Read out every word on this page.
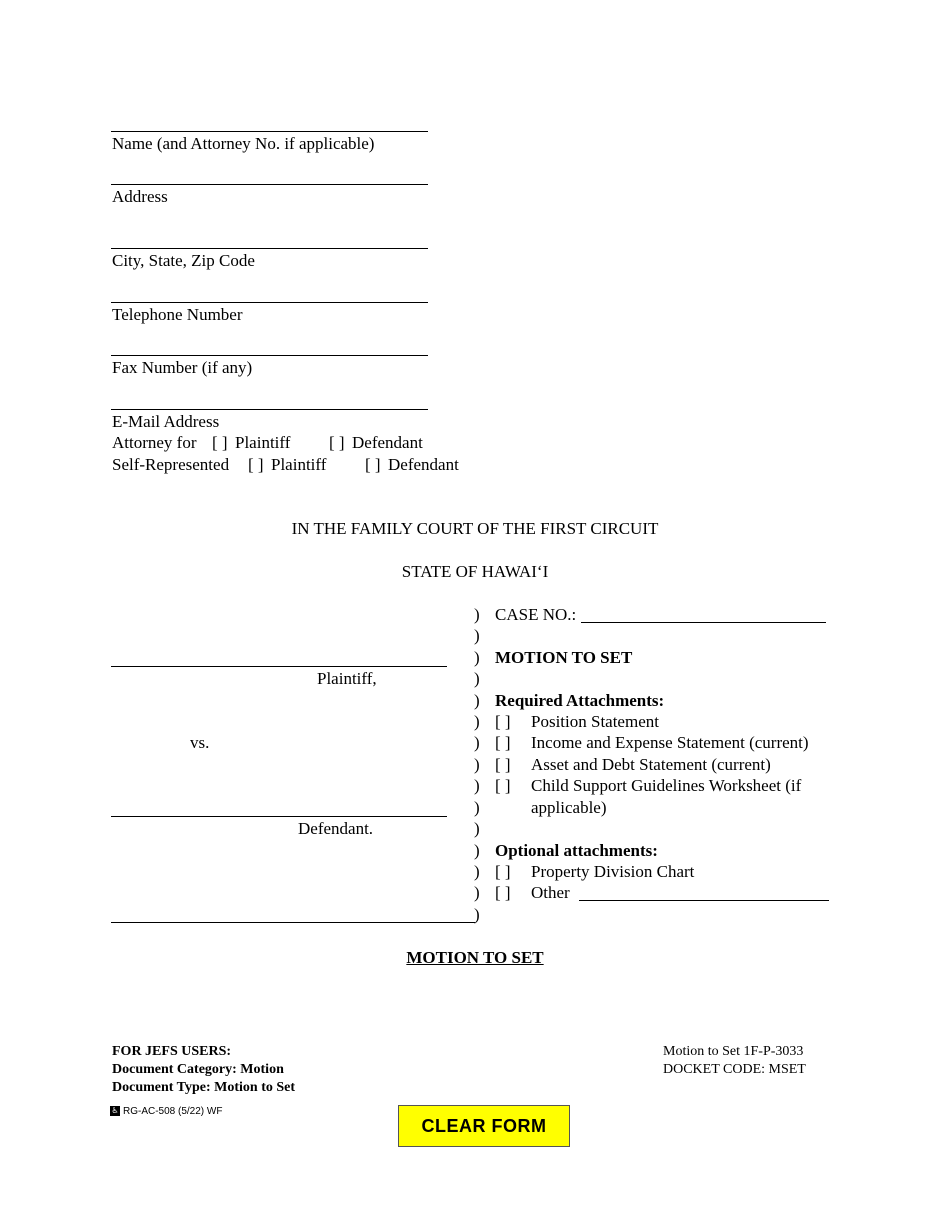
Name (and Attorney No. if applicable)
Address
City, State, Zip Code
Telephone Number
Fax Number (if any)
E-Mail Address
Attorney for [ ] Plaintiff [ ] Defendant
Self-Represented [ ] Plaintiff [ ] Defendant
IN THE FAMILY COURT OF THE FIRST CIRCUIT
STATE OF HAWAI‘I
Plaintiff,
vs.
Defendant.
)
)
)
)
)
)
)
)
)
)
)
)
)
)
)
CASE NO.:
MOTION TO SET
Required Attachments:
[ ] Position Statement
[ ] Income and Expense Statement (current)
[ ] Asset and Debt Statement (current)
[ ] Child Support Guidelines Worksheet (if
applicable)
Optional attachments:
[ ] Property Division Chart
[ ] Other
MOTION TO SET
FOR JEFS USERS:
Document Category: Motion
Document Type: Motion to Set
Motion to Set 1F-P-3033
DOCKET CODE: MSET
♿ RG-AC-508 (5/22) WF
CLEAR FORM
